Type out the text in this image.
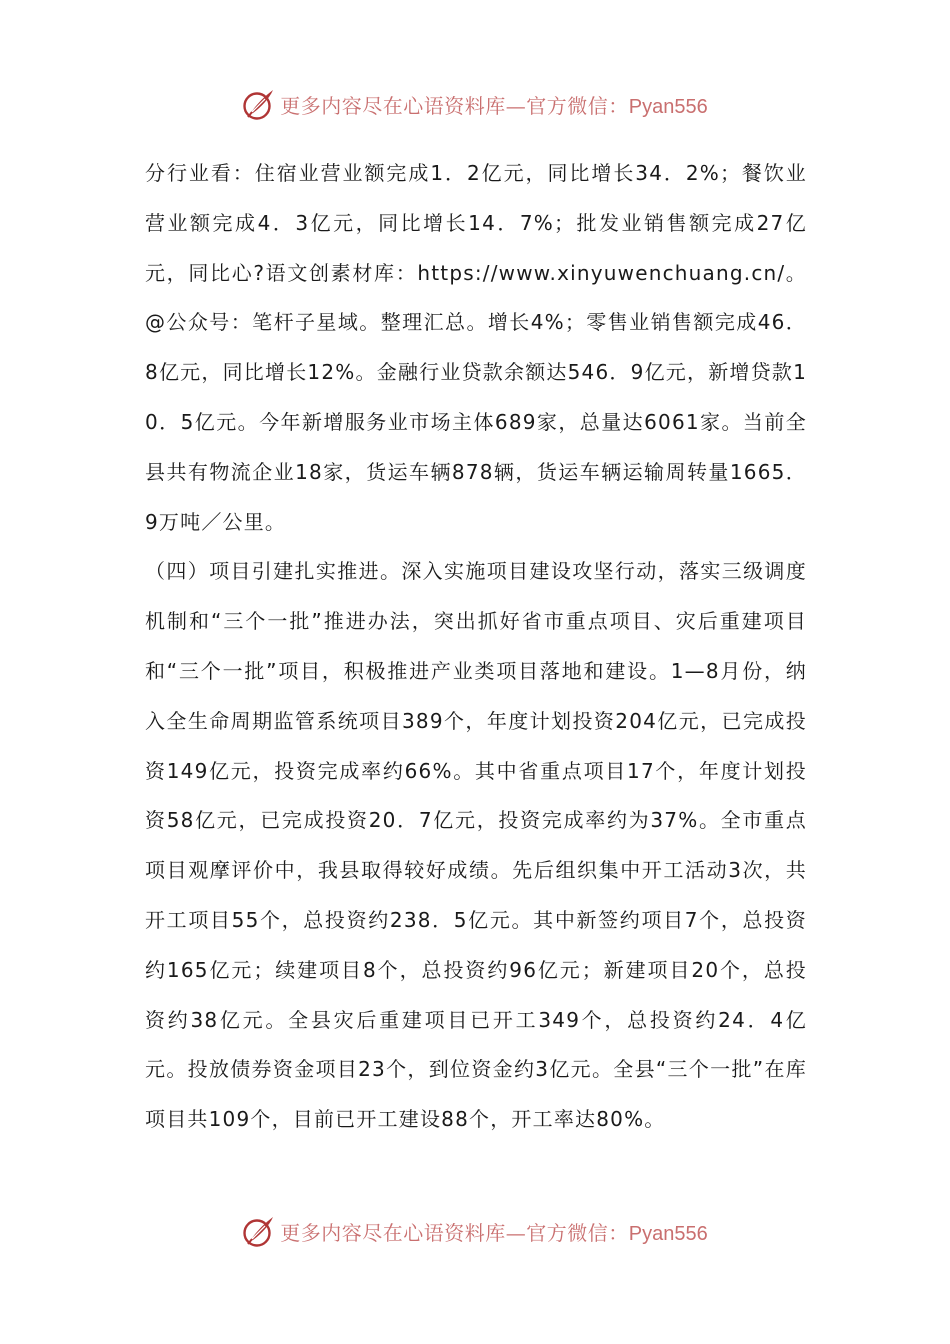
更多内容尽在心语资料库—官方微信：Pyan556

分行业看：住宿业营业额完成1．2亿元，同比增长34．2%；餐饮业营业额完成4．3亿元，同比增长14．7%；批发业销售额完成27亿元，同比心?语文创素材库：https://www.xinyuwenchuang.cn/。@公众号：笔杆子星域。整理汇总。增长4%；零售业销售额完成46．8亿元，同比增长12%。金融行业贷款余额达546．9亿元，新增贷款10．5亿元。今年新增服务业市场主体689家，总量达6061家。当前全县共有物流企业18家，货运车辆878辆，货运车辆运输周转量1665．9万吨／公里。

（四）项目引建扎实推进。深入实施项目建设攻坚行动，落实三级调度机制和“三个一批”推进办法，突出抓好省市重点项目、灾后重建项目和“三个一批”项目，积极推进产业类项目落地和建设。1—8月份，纳入全生命周期监管系统项目389个，年度计划投资204亿元，已完成投资149亿元，投资完成率约66%。其中省重点项目17个，年度计划投资58亿元，已完成投资20．7亿元，投资完成率约为37%。全市重点项目观摩评价中，我县取得较好成绩。先后组织集中开工活动3次，共开工项目55个，总投资约238．5亿元。其中新签约项目7个，总投资约165亿元；续建项目8个，总投资约96亿元；新建项目20个，总投资约38亿元。全县灾后重建项目已开工349个，总投资约24．4亿元。投放债券资金项目23个，到位资金约3亿元。全县“三个一批”在库项目共109个，目前已开工建设88个，开工率达80%。

更多内容尽在心语资料库—官方微信：Pyan556
